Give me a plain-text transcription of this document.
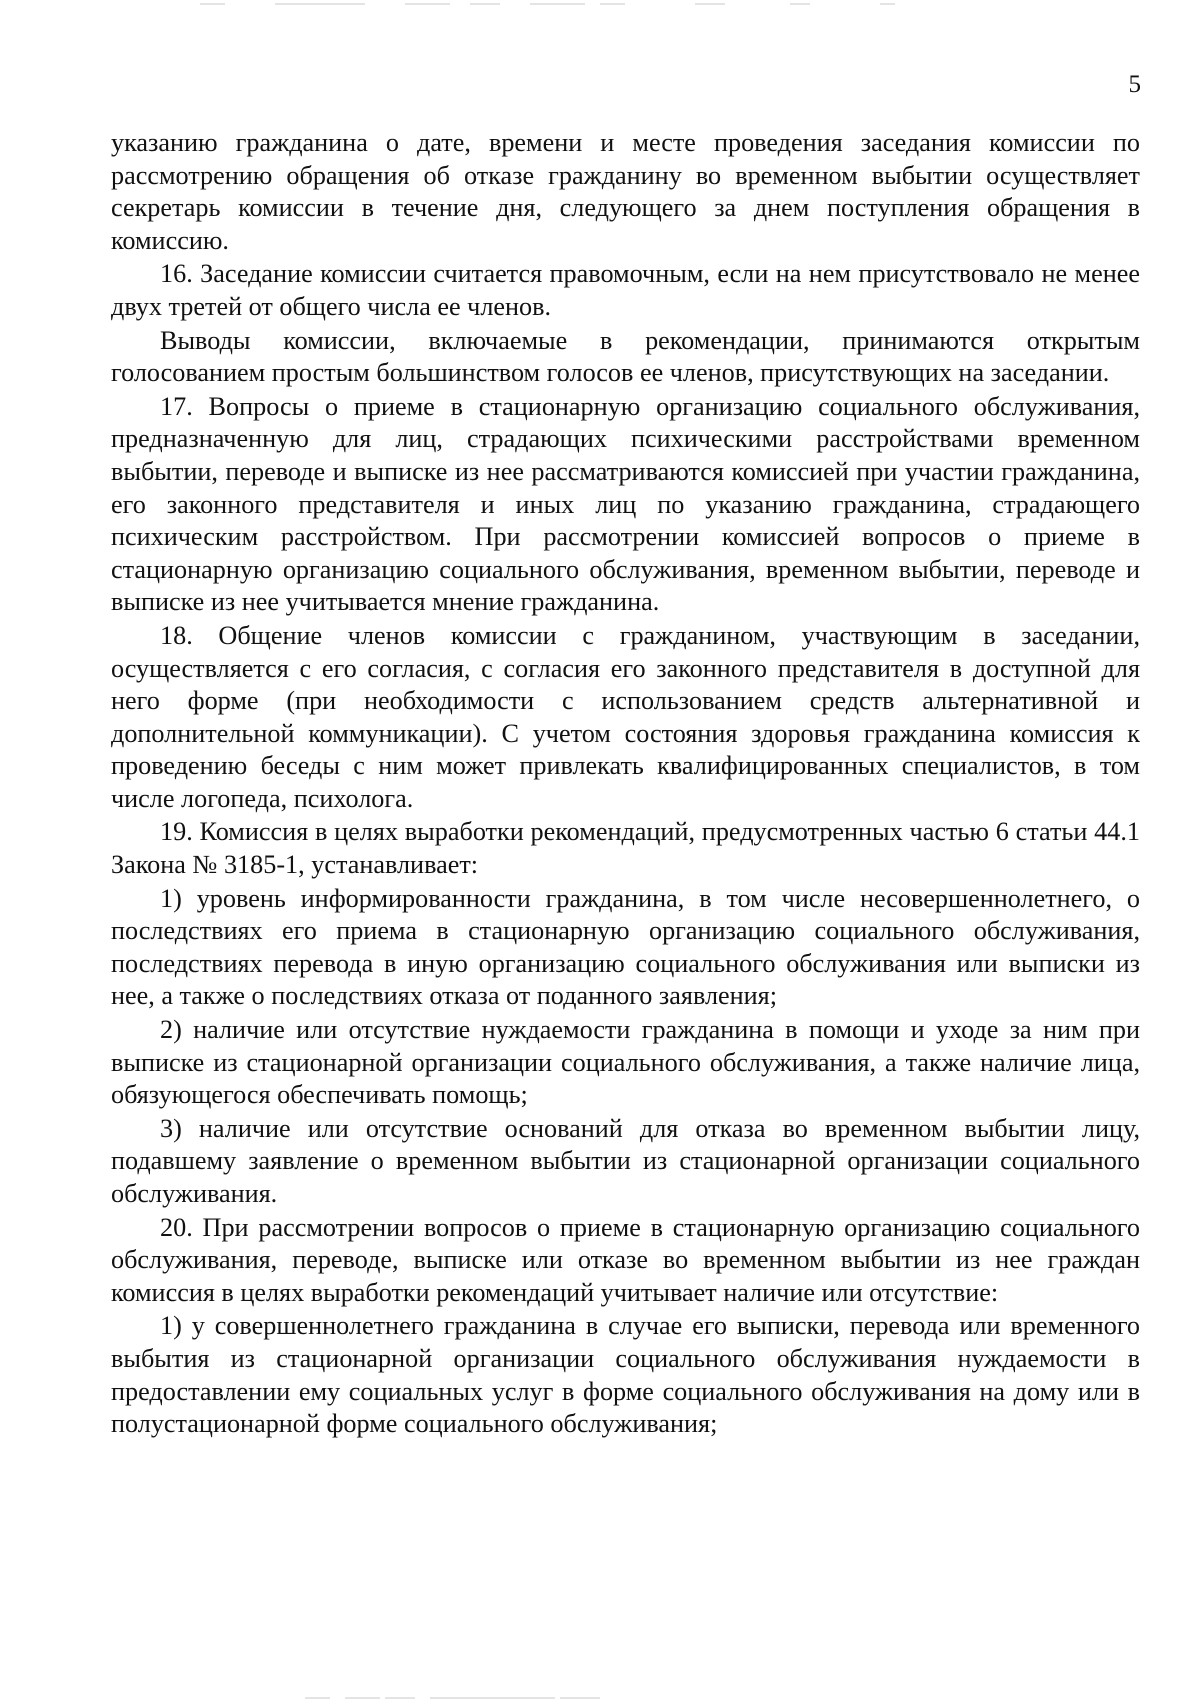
5

указанию гражданина о дате, времени и месте проведения заседания комиссии по рассмотрению обращения об отказе гражданину во временном выбытии осуществляет секретарь комиссии в течение дня, следующего за днем поступления обращения в комиссию.

16. Заседание комиссии считается правомочным, если на нем присутствовало не менее двух третей от общего числа ее членов.

Выводы комиссии, включаемые в рекомендации, принимаются открытым голосованием простым большинством голосов ее членов, присутствующих на заседании.

17. Вопросы о приеме в стационарную организацию социального обслуживания, предназначенную для лиц, страдающих психическими расстройствами временном выбытии, переводе и выписке из нее рассматриваются комиссией при участии гражданина, его законного представителя и иных лиц по указанию гражданина, страдающего психическим расстройством. При рассмотрении комиссией вопросов о приеме в стационарную организацию социального обслуживания, временном выбытии, переводе и выписке из нее учитывается мнение гражданина.

18. Общение членов комиссии с гражданином, участвующим в заседании, осуществляется с его согласия, с согласия его законного представителя в доступной для него форме (при необходимости с использованием средств альтернативной и дополнительной коммуникации). С учетом состояния здоровья гражданина комиссия к проведению беседы с ним может привлекать квалифицированных специалистов, в том числе логопеда, психолога.

19. Комиссия в целях выработки рекомендаций, предусмотренных частью 6 статьи 44.1 Закона № 3185-1, устанавливает:

1) уровень информированности гражданина, в том числе несовершеннолетнего, о последствиях его приема в стационарную организацию социального обслуживания, последствиях перевода в иную организацию социального обслуживания или выписки из нее, а также о последствиях отказа от поданного заявления;

2) наличие или отсутствие нуждаемости гражданина в помощи и уходе за ним при выписке из стационарной организации социального обслуживания, а также наличие лица, обязующегося обеспечивать помощь;

3) наличие или отсутствие оснований для отказа во временном выбытии лицу, подавшему заявление о временном выбытии из стационарной организации социального обслуживания.

20. При рассмотрении вопросов о приеме в стационарную организацию социального обслуживания, переводе, выписке или отказе во временном выбытии из нее граждан комиссия в целях выработки рекомендаций учитывает наличие или отсутствие:

1) у совершеннолетнего гражданина в случае его выписки, перевода или временного выбытия из стационарной организации социального обслуживания нуждаемости в предоставлении ему социальных услуг в форме социального обслуживания на дому или в полустационарной форме социального обслуживания;
